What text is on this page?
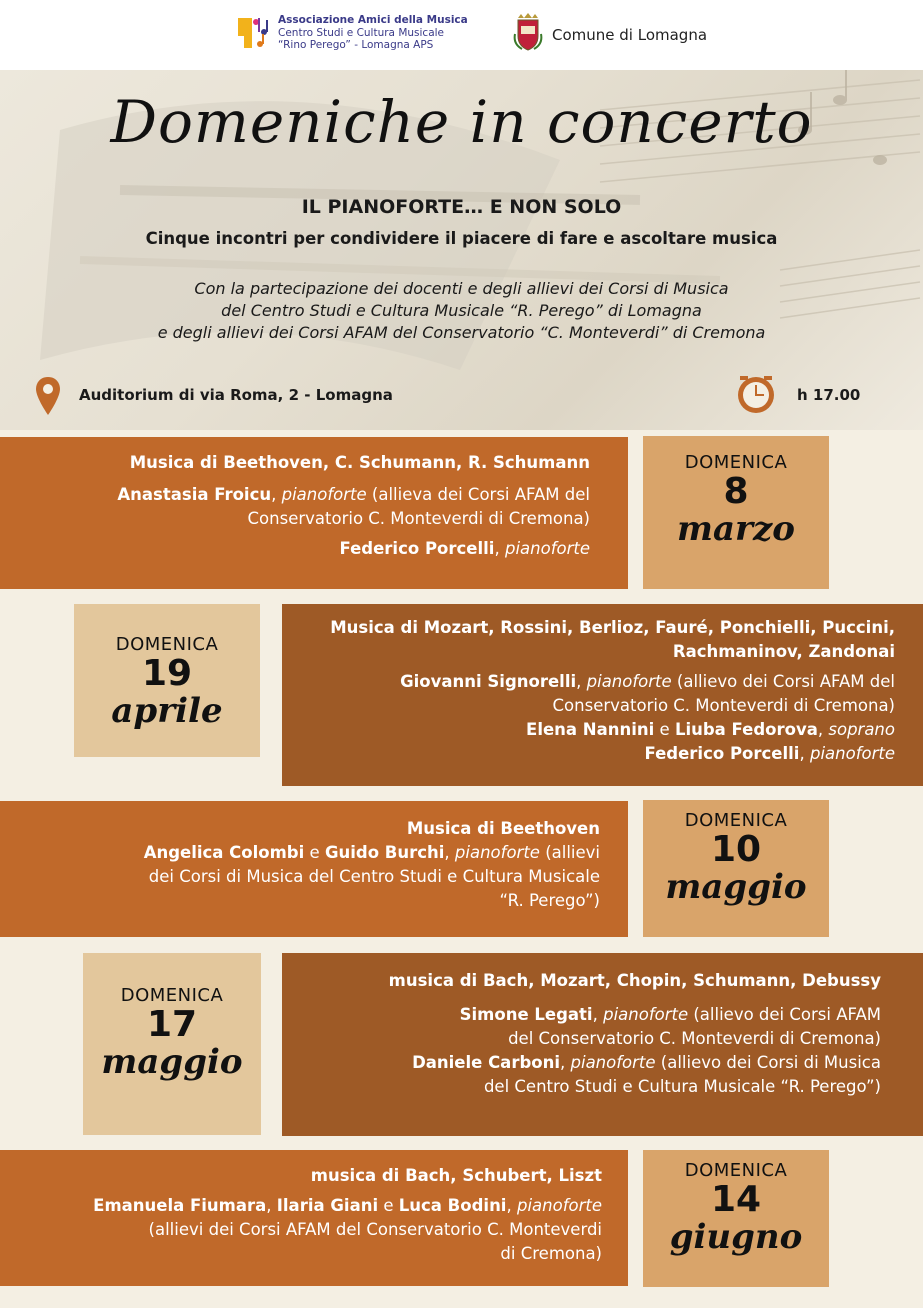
Associazione Amici della Musica
Centro Studi e Cultura Musicale
“Rino Perego” - Lomagna APS
Comune di Lomagna
Domeniche in concerto
IL PIANOFORTE… E NON SOLO
Cinque incontri per condividere il piacere di fare e ascoltare musica
Con la partecipazione dei docenti e degli allievi dei Corsi di Musica
del Centro Studi e Cultura Musicale “R. Perego” di Lomagna
e degli allievi dei Corsi AFAM del Conservatorio “C. Monteverdi” di Cremona
Auditorium di via Roma, 2 - Lomagna	h 17.00
Musica di Beethoven, C. Schumann, R. Schumann
Anastasia Froicu, pianoforte (allieva dei Corsi AFAM del
Conservatorio C. Monteverdi di Cremona)
Federico Porcelli, pianoforte
DOMENICA
8
marzo
DOMENICA
19
aprile
Musica di Mozart, Rossini, Berlioz, Fauré, Ponchielli, Puccini,
Rachmaninov, Zandonai
Giovanni Signorelli, pianoforte (allievo dei Corsi AFAM del
Conservatorio C. Monteverdi di Cremona)
Elena Nannini e Liuba Fedorova, soprano
Federico Porcelli, pianoforte
Musica di Beethoven
Angelica Colombi e Guido Burchi, pianoforte (allievi
dei Corsi di Musica del Centro Studi e Cultura Musicale
“R. Perego”)
DOMENICA
10
maggio
DOMENICA
17
maggio
musica di Bach, Mozart, Chopin, Schumann, Debussy
Simone Legati, pianoforte (allievo dei Corsi AFAM
del Conservatorio C. Monteverdi di Cremona)
Daniele Carboni, pianoforte (allievo dei Corsi di Musica
del Centro Studi e Cultura Musicale “R. Perego”)
musica di Bach, Schubert, Liszt
Emanuela Fiumara, Ilaria Giani e Luca Bodini, pianoforte
(allievi dei Corsi AFAM del Conservatorio C. Monteverdi
di Cremona)
DOMENICA
14
giugno
